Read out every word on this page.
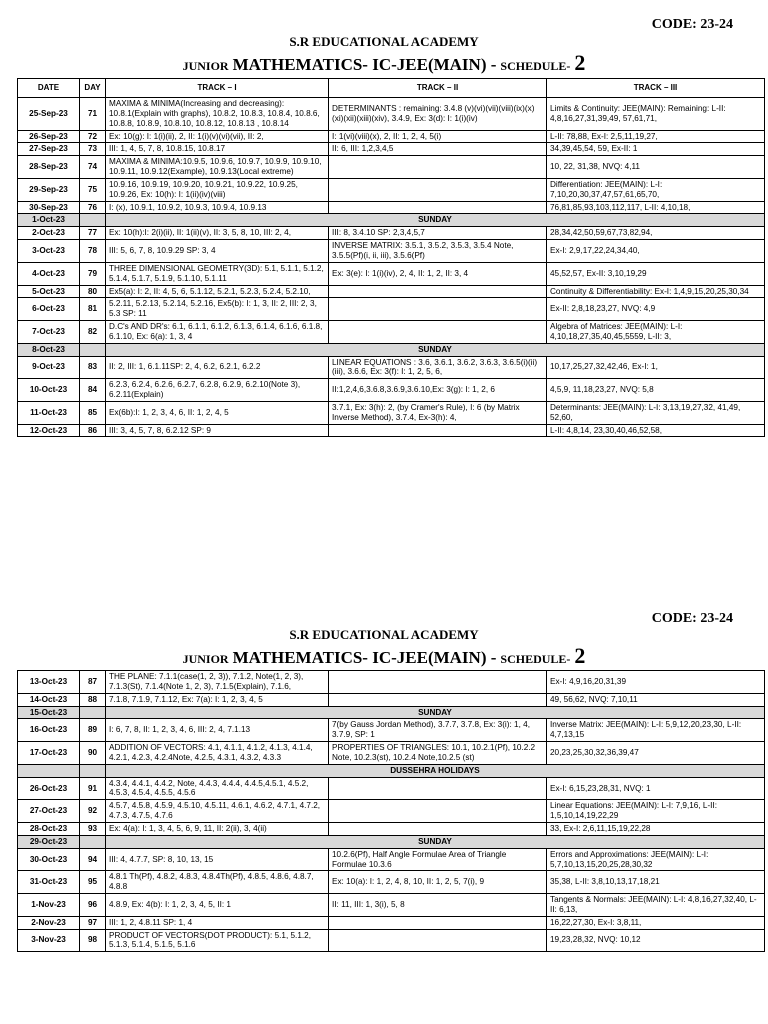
CODE: 23-24
S.R EDUCATIONAL ACADEMY
JUNIOR MATHEMATICS- IC-JEE(MAIN) - SCHEDULE- 2
DATE	DAY	TRACK – I	TRACK – II	TRACK – III
25-Sep-23	71	MAXIMA & MINIMA(Increasing and decreasing): 10.8.1(Explain with graphs), 10.8.2, 10.8.3, 10.8.4, 10.8.6, 10.8.8, 10.8.9, 10.8.10, 10.8.12, 10.8.13 , 10.8.14	DETERMINANTS : remaining: 3.4.8 (v)(vi)(vii)(viii)(ix)(x)(xi)(xii)(xiii)(xiv), 3.4.9, Ex: 3(d): I: 1(i)(iv)	Limits & Continuity: JEE(MAIN): Remaining: L-II: 4,8,16,27,31,39,49, 57,61,71,
26-Sep-23	72	Ex: 10(g): I: 1(i)(ii), 2, II: 1(i)(v)(vi)(vii), II: 2,	I: 1(vi)(viii)(x), 2, II: 1, 2, 4, 5(i)	L-II: 78,88, Ex-I: 2,5,11,19,27,
27-Sep-23	73	III: 1, 4, 5, 7, 8, 10.8.15, 10.8.17	II: 6, III: 1,2,3,4,5	34,39,45,54, 59, Ex-II: 1
28-Sep-23	74	MAXIMA & MINIMA:10.9.5, 10.9.6, 10.9.7, 10.9.9, 10.9.10, 10.9.11, 10.9.12(Example), 10.9.13(Local extreme)		10, 22, 31,38, NVQ: 4,11
29-Sep-23	75	10.9.16, 10.9.19, 10.9.20, 10.9.21, 10.9.22, 10.9.25, 10.9.26, Ex: 10(h): I: 1(ii)(iv)(viii)		Differentiation: JEE(MAIN): L-I: 7,10,20,30,37,47,57,61,65,70,
30-Sep-23	76	I: (x), 10.9.1, 10.9.2, 10.9.3, 10.9.4, 10.9.13		76,81,85,93,103,112,117, L-II: 4,10,18,
1-Oct-23		SUNDAY		
2-Oct-23	77	Ex: 10(h):I: 2(i)(ii), II: 1(ii)(v), II: 3, 5, 8, 10, III: 2, 4,	III: 8, 3.4.10 SP: 2,3,4,5,7	28,34,42,50,59,67,73,82,94,
3-Oct-23	78	III: 5, 6, 7, 8, 10.9.29 SP: 3, 4	INVERSE MATRIX: 3.5.1, 3.5.2, 3.5.3, 3.5.4 Note, 3.5.5(Pf)(i, ii, iii), 3.5.6(Pf)	Ex-I: 2,9,17,22,24,34,40,
4-Oct-23	79	THREE DIMENSIONAL GEOMETRY(3D): 5.1, 5.1.1, 5.1.2, 5.1.4, 5.1.7, 5.1.9, 5.1.10, 5.1.11	Ex: 3(e): I: 1(i)(iv), 2, 4, II: 1, 2, II: 3, 4	45,52,57, Ex-II: 3,10,19,29
5-Oct-23	80	Ex5(a): I: 2, II: 4, 5, 6, 5.1.12, 5.2.1, 5.2.3, 5.2.4, 5.2.10,		Continuity & Differentiability: Ex-I: 1,4,9,15,20,25,30,34
6-Oct-23	81	5.2.11, 5.2.13, 5.2.14, 5.2.16, Ex5(b): I: 1, 3, II: 2, III: 2, 3, 5.3 SP: 11		Ex-II: 2,8,18,23,27, NVQ: 4,9
7-Oct-23	82	D.C's AND DR's: 6.1, 6.1.1, 6.1.2, 6.1.3, 6.1.4, 6.1.6, 6.1.8, 6.1.10, Ex: 6(a): 1, 3, 4		Algebra of Matrices: JEE(MAIN): L-I: 4,10,18,27,35,40,45,5559, L-II: 3,
8-Oct-23		SUNDAY		
9-Oct-23	83	II: 2, III: 1, 6.1.11SP: 2, 4, 6.2, 6.2.1, 6.2.2	LINEAR EQUATIONS : 3.6, 3.6.1, 3.6.2, 3.6.3, 3.6.5(i)(ii)(iii), 3.6.6, Ex: 3(f): I: 1, 2, 5, 6,	10,17,25,27,32,42,46, Ex-I: 1,
10-Oct-23	84	6.2.3, 6.2.4, 6.2.6, 6.2.7, 6.2.8, 6.2.9, 6.2.10(Note 3), 6.2.11(Explain)	II:1,2,4,6,3.6.8,3.6.9,3.6.10,Ex: 3(g): I: 1, 2, 6	4,5,9, 11,18,23,27, NVQ: 5,8
11-Oct-23	85	Ex(6b):I: 1, 2, 3, 4, 6, II: 1, 2, 4, 5	3.7.1, Ex: 3(h): 2, (by Cramer's Rule), I: 6 (by Matrix Inverse Method), 3.7.4, Ex-3(h): 4,	Determinants: JEE(MAIN): L-I: 3,13,19,27,32, 41,49, 52,60,
12-Oct-23	86	III: 3, 4, 5, 7, 8, 6.2.12 SP: 9		L-II: 4,8,14, 23,30,40,46,52,58,
CODE: 23-24
S.R EDUCATIONAL ACADEMY
JUNIOR MATHEMATICS- IC-JEE(MAIN) - SCHEDULE- 2
13-Oct-23	87	THE PLANE: 7.1.1(case(1, 2, 3)), 7.1.2, Note(1, 2, 3), 7.1.3(St), 7.1.4(Note 1, 2, 3), 7.1.5(Explain), 7.1.6,		Ex-I: 4,9,16,20,31,39
14-Oct-23	88	7.1.8, 7.1.9, 7.1.12, Ex: 7(a): I: 1, 2, 3, 4, 5		49, 56,62, NVQ: 7,10,11
15-Oct-23		SUNDAY		
16-Oct-23	89	I: 6, 7, 8, II: 1, 2, 3, 4, 6, III: 2, 4, 7.1.13	7(by Gauss Jordan Method), 3.7.7, 3.7.8, Ex: 3(i): 1, 4, 3.7.9, SP: 1	Inverse Matrix: JEE(MAIN): L-I: 5,9,12,20,23,30, L-II: 4,7,13,15
17-Oct-23	90	ADDITION OF VECTORS: 4.1, 4.1.1, 4.1.2, 4.1.3, 4.1.4, 4.2.1, 4.2.3, 4.2.4Note, 4.2.5, 4.3.1, 4.3.2, 4.3.3	PROPERTIES OF TRIANGLES: 10.1, 10.2.1(Pf), 10.2.2 Note, 10.2.3(st), 10.2.4 Note,10.2.5 (st)	20,23,25,30,32,36,39,47
		DUSSEHRA HOLIDAYS		
26-Oct-23	91	4.3.4, 4.4.1, 4.4.2, Note, 4.4.3, 4.4.4, 4.4.5,4.5.1, 4.5.2, 4.5.3, 4.5.4, 4.5.5, 4.5.6		Ex-I: 6,15,23,28,31, NVQ: 1
27-Oct-23	92	4.5.7, 4.5.8, 4.5.9, 4.5.10, 4.5.11, 4.6.1, 4.6.2, 4.7.1, 4.7.2, 4.7.3, 4.7.5, 4.7.6		Linear Equations: JEE(MAIN): L-I: 7,9,16, L-II: 1,5,10,14,19,22,29
28-Oct-23	93	Ex: 4(a): I: 1, 3, 4, 5, 6, 9, 11, II: 2(ii), 3, 4(ii)		33, Ex-I: 2,6,11,15,19,22,28
29-Oct-23		SUNDAY		
30-Oct-23	94	III: 4, 4.7.7, SP: 8, 10, 13, 15	10.2.6(Pf), Half Angle Formulae Area of Triangle Formulae 10.3.6	Errors and Approximations: JEE(MAIN): L-I: 5,7,10,13,15,20,25,28,30,32
31-Oct-23	95	4.8.1 Th(Pf), 4.8.2, 4.8.3, 4.8.4Th(Pf), 4.8.5, 4.8.6, 4.8.7, 4.8.8	Ex: 10(a): I: 1, 2, 4, 8, 10, II: 1, 2, 5, 7(i), 9	35,38, L-II: 3,8,10,13,17,18,21
1-Nov-23	96	4.8.9, Ex: 4(b): I: 1, 2, 3, 4, 5, II: 1	II: 11, III: 1, 3(i), 5, 8	Tangents & Normals: JEE(MAIN): L-I: 4,8,16,27,32,40, L-II: 6,13,
2-Nov-23	97	III: 1, 2, 4.8.11 SP: 1, 4		16,22,27,30, Ex-I: 3,8,11,
3-Nov-23	98	PRODUCT OF VECTORS(DOT PRODUCT): 5.1, 5.1.2, 5.1.3, 5.1.4, 5.1.5, 5.1.6		19,23,28,32, NVQ: 10,12
